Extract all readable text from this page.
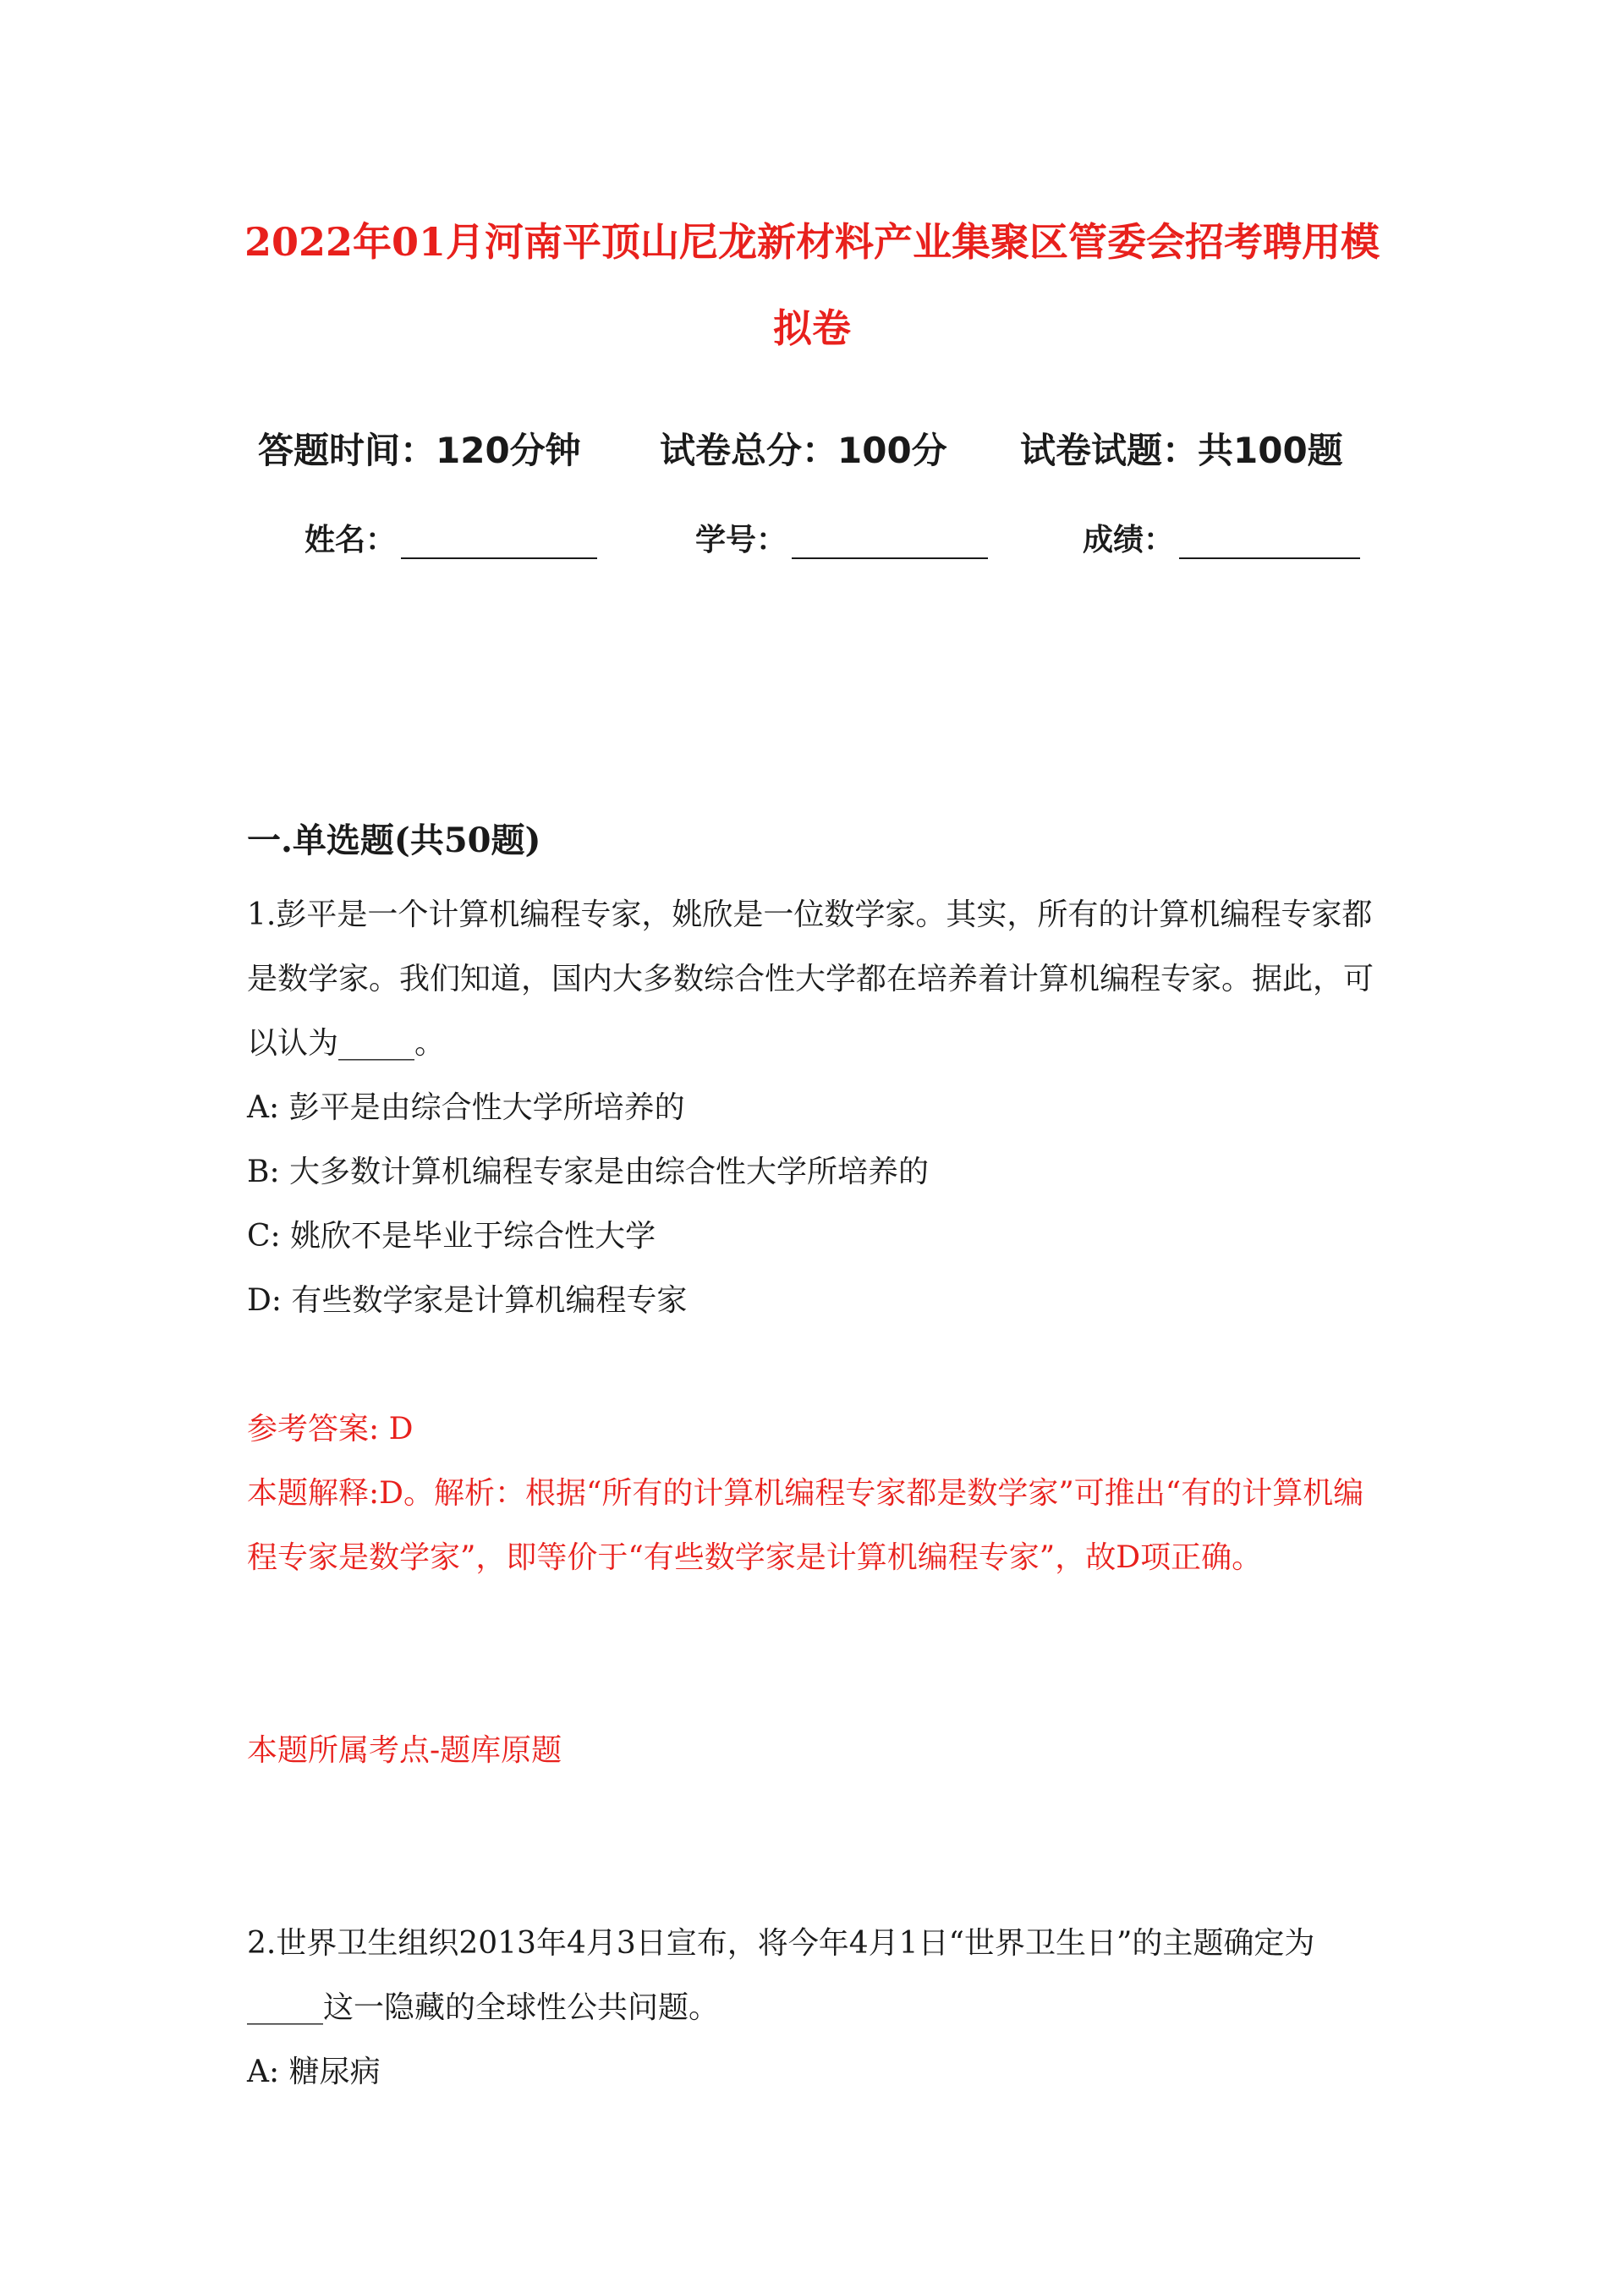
2022年01月河南平顶山尼龙新材料产业集聚区管委会招考聘用模
拟卷
答题时间：120分钟 试卷总分：100分 试卷试题：共100题
姓名：	学号：	成绩：
一.单选题(共50题)
1.彭平是一个计算机编程专家，姚欣是一位数学家。其实，所有的计算机编程专家都是数学家。我们知道，国内大多数综合性大学都在培养着计算机编程专家。据此，可以认为_____。
A: 彭平是由综合性大学所培养的
B: 大多数计算机编程专家是由综合性大学所培养的
C: 姚欣不是毕业于综合性大学
D: 有些数学家是计算机编程专家
参考答案: D
本题解释:D。解析：根据“所有的计算机编程专家都是数学家”可推出“有的计算机编程专家是数学家”，即等价于“有些数学家是计算机编程专家”，故D项正确。
本题所属考点-题库原题
2.世界卫生组织2013年4月3日宣布，将今年4月1日“世界卫生日”的主题确定为_____这一隐藏的全球性公共问题。
A: 糖尿病
